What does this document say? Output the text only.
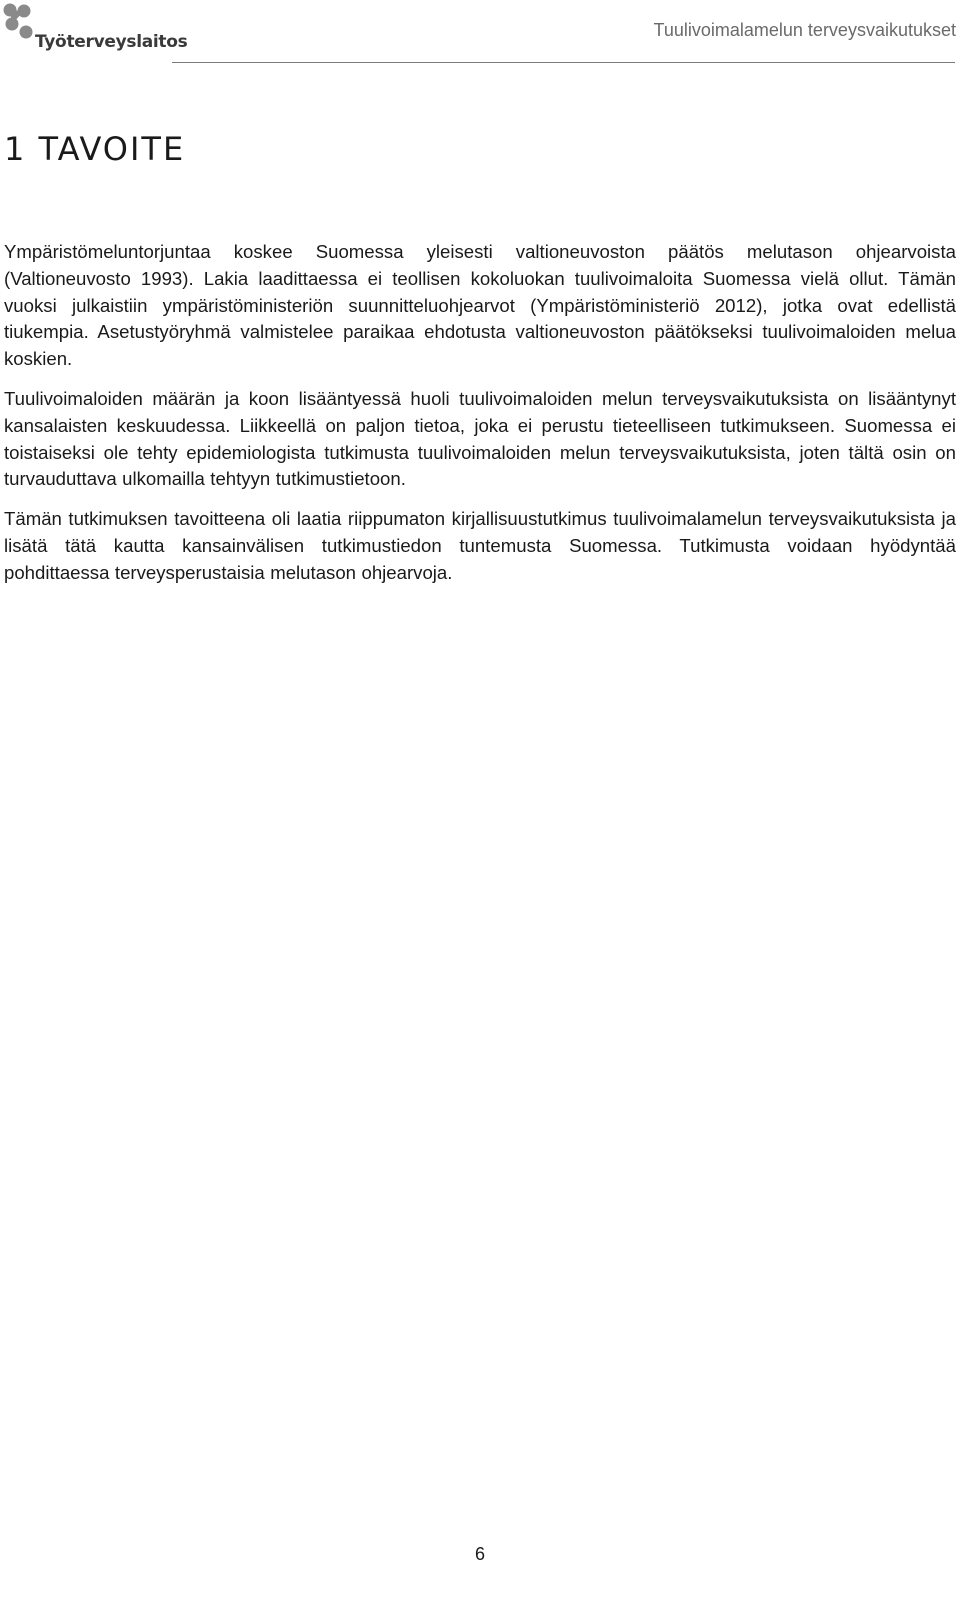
Työterveyslaitos
Tuulivoimalamelun terveysvaikutukset
1 TAVOITE

Ympäristömeluntorjuntaa koskee Suomessa yleisesti valtioneuvoston päätös melutason ohjearvoista (Valtioneuvosto 1993). Lakia laadittaessa ei teollisen kokoluokan tuulivoimaloita Suomessa vielä ollut. Tämän vuoksi julkaistiin ympäristöministeriön suunnitteluohjearvot (Ympäristöministeriö 2012), jotka ovat edellistä tiukempia. Asetustyöryhmä valmistelee paraikaa ehdotusta valtioneuvoston päätökseksi tuulivoimaloiden melua koskien.

Tuulivoimaloiden määrän ja koon lisääntyessä huoli tuulivoimaloiden melun terveysvaikutuksista on lisääntynyt kansalaisten keskuudessa. Liikkeellä on paljon tietoa, joka ei perustu tieteelliseen tutkimukseen. Suomessa ei toistaiseksi ole tehty epidemiologista tutkimusta tuulivoimaloiden melun terveysvaikutuksista, joten tältä osin on turvauduttava ulkomailla tehtyyn tutkimustietoon.

Tämän tutkimuksen tavoitteena oli laatia riippumaton kirjallisuustutkimus tuulivoimalamelun terveysvaikutuksista ja lisätä tätä kautta kansainvälisen tutkimustiedon tuntemusta Suomessa. Tutkimusta voidaan hyödyntää pohdittaessa terveysperustaisia melutason ohjearvoja.

6
